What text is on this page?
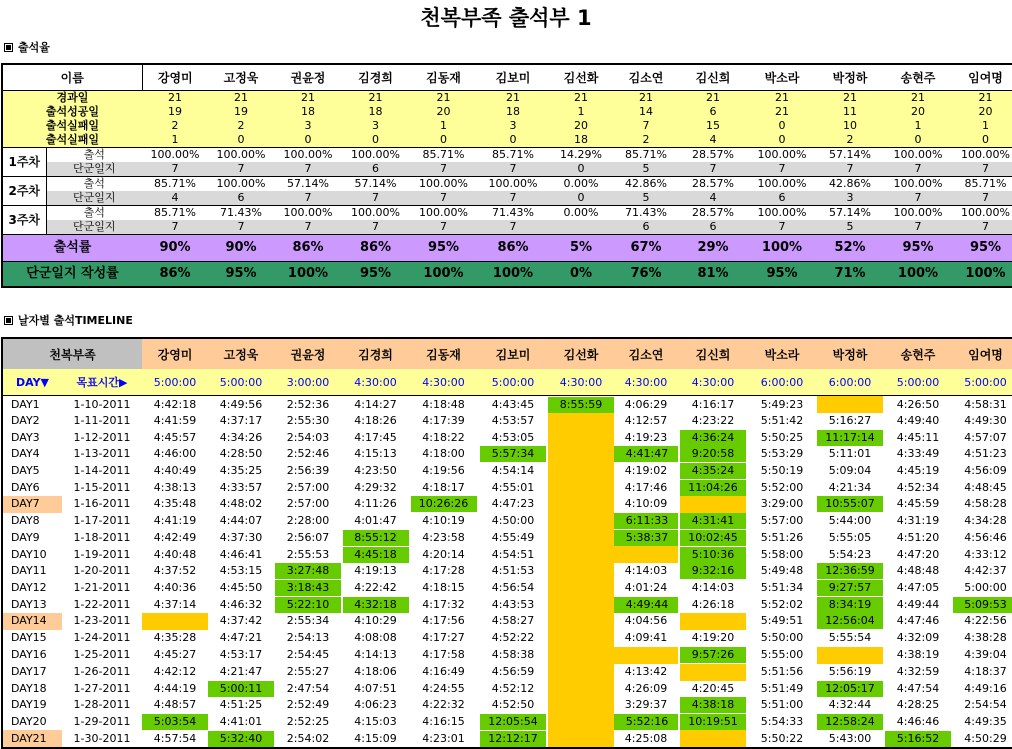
천복부족 출석부 1
출석율
날자별 출석TIMELINE
이름		강영미	고정욱	권윤정	김경희	김동재	김보미	김선화	김소연	김신희	박소라	박정하	송현주	임여명
경과일		21	21	21	21	21	21	21	21	21	21	21	21	21
출석성공일		19	19	18	18	20	18	1	14	6	21	11	20	20
출석실패일		2	2	3	3	1	3	20	7	15	0	10	1	1
출석실패일		1	0	0	0	0	0	18	2	4	0	2	0	0
1주차	출석	100.00%	100.00%	100.00%	100.00%	85.71%	85.71%	14.29%	85.71%	28.57%	100.00%	57.14%	100.00%	100.00%
	단군일지	7	7	7	6	7	7	0	5	7	7	7	7	7
2주차	출석	85.71%	100.00%	57.14%	57.14%	100.00%	100.00%	0.00%	42.86%	28.57%	100.00%	42.86%	100.00%	85.71%
	단군일지	4	6	7	7	7	7	0	5	4	6	3	7	7
3주차	출석	85.71%	71.43%	100.00%	100.00%	100.00%	71.43%	0.00%	71.43%	28.57%	100.00%	57.14%	100.00%	100.00%
	단군일지	7	7	7	7	7	7		6	6	7	5	7	7
출석률		90%	90%	86%	86%	95%	86%	5%	67%	29%	100%	52%	95%	95%
단군일지 작성률		86%	95%	100%	95%	100%	100%	0%	76%	81%	95%	71%	100%	100%
천복부족		강영미	고정욱	권윤정	김경희	김동재	김보미	김선화	김소연	김신희	박소라	박정하	송현주	임여명
DAY▼	목표시간▶	5:00:00	5:00:00	3:00:00	4:30:00	4:30:00	5:00:00	4:30:00	4:30:00	4:30:00	6:00:00	6:00:00	5:00:00	5:00:00
DAY1	1-10-2011	4:42:18	4:49:56	2:52:36	4:14:27	4:18:48	4:43:45	8:55:59	4:06:29	4:16:17	5:49:23		4:26:50	4:58:31
DAY2	1-11-2011	4:41:59	4:37:17	2:55:30	4:18:26	4:17:39	4:53:57		4:12:57	4:23:22	5:51:42	5:16:27	4:49:40	4:49:30
DAY3	1-12-2011	4:45:57	4:34:26	2:54:03	4:17:45	4:18:22	4:53:05		4:19:23	4:36:24	5:50:25	11:17:14	4:45:11	4:57:07
DAY4	1-13-2011	4:46:00	4:28:50	2:52:46	4:15:13	4:18:00	5:57:34		4:41:47	9:20:58	5:53:29	5:11:01	4:33:49	4:51:23
DAY5	1-14-2011	4:40:49	4:35:25	2:56:39	4:23:50	4:19:56	4:54:14		4:19:02	4:35:24	5:50:19	5:09:04	4:45:19	4:56:09
DAY6	1-15-2011	4:38:13	4:33:57	2:57:00	4:29:32	4:18:17	4:55:01		4:17:46	11:04:26	5:52:00	4:21:34	4:52:34	4:48:45
DAY7	1-16-2011	4:35:48	4:48:02	2:57:00	4:11:26	10:26:26	4:47:23		4:10:09		3:29:00	10:55:07	4:45:59	4:58:28
DAY8	1-17-2011	4:41:19	4:44:07	2:28:00	4:01:47	4:10:19	4:50:00		6:11:33	4:31:41	5:57:00	5:44:00	4:31:19	4:34:28
DAY9	1-18-2011	4:42:49	4:37:30	2:56:07	8:55:12	4:23:58	4:55:49		5:38:37	10:02:45	5:51:26	5:55:05	4:51:20	4:56:46
DAY10	1-19-2011	4:40:48	4:46:41	2:55:53	4:45:18	4:20:14	4:54:51			5:10:36	5:58:00	5:54:23	4:47:20	4:33:12
DAY11	1-20-2011	4:37:52	4:53:15	3:27:48	4:19:13	4:17:28	4:51:53		4:14:03	9:32:16	5:49:48	12:36:59	4:48:48	4:42:37
DAY12	1-21-2011	4:40:36	4:45:50	3:18:43	4:22:42	4:18:15	4:56:54		4:01:24	4:14:03	5:51:34	9:27:57	4:47:05	5:00:00
DAY13	1-22-2011	4:37:14	4:46:32	5:22:10	4:32:18	4:17:32	4:43:53		4:49:44	4:26:18	5:52:02	8:34:19	4:49:44	5:09:53
DAY14	1-23-2011		4:37:42	2:55:34	4:10:29	4:17:56	4:58:27		4:04:56		5:49:51	12:56:04	4:47:46	4:22:56
DAY15	1-24-2011	4:35:28	4:47:21	2:54:13	4:08:08	4:17:27	4:52:22		4:09:41	4:19:20	5:50:00	5:55:54	4:32:09	4:38:28
DAY16	1-25-2011	4:45:27	4:53:17	2:54:45	4:14:13	4:17:58	4:58:38			9:57:26	5:55:00		4:38:19	4:39:04
DAY17	1-26-2011	4:42:12	4:21:47	2:55:27	4:18:06	4:16:49	4:56:59		4:13:42		5:51:56	5:56:19	4:32:59	4:18:37
DAY18	1-27-2011	4:44:19	5:00:11	2:47:54	4:07:51	4:24:55	4:52:12		4:26:09	4:20:45	5:51:49	12:05:17	4:47:54	4:49:16
DAY19	1-28-2011	4:48:57	4:51:25	2:52:49	4:06:23	4:22:32	4:52:50		3:29:37	4:38:18	5:51:00	4:32:44	4:28:25	2:54:54
DAY20	1-29-2011	5:03:54	4:41:01	2:52:25	4:15:03	4:16:15	12:05:54		5:52:16	10:19:51	5:54:33	12:58:24	4:46:46	4:49:35
DAY21	1-30-2011	4:57:54	5:32:40	2:54:02	4:15:09	4:23:01	12:12:17		4:25:08		5:50:22	5:43:00	5:16:52	4:50:29
